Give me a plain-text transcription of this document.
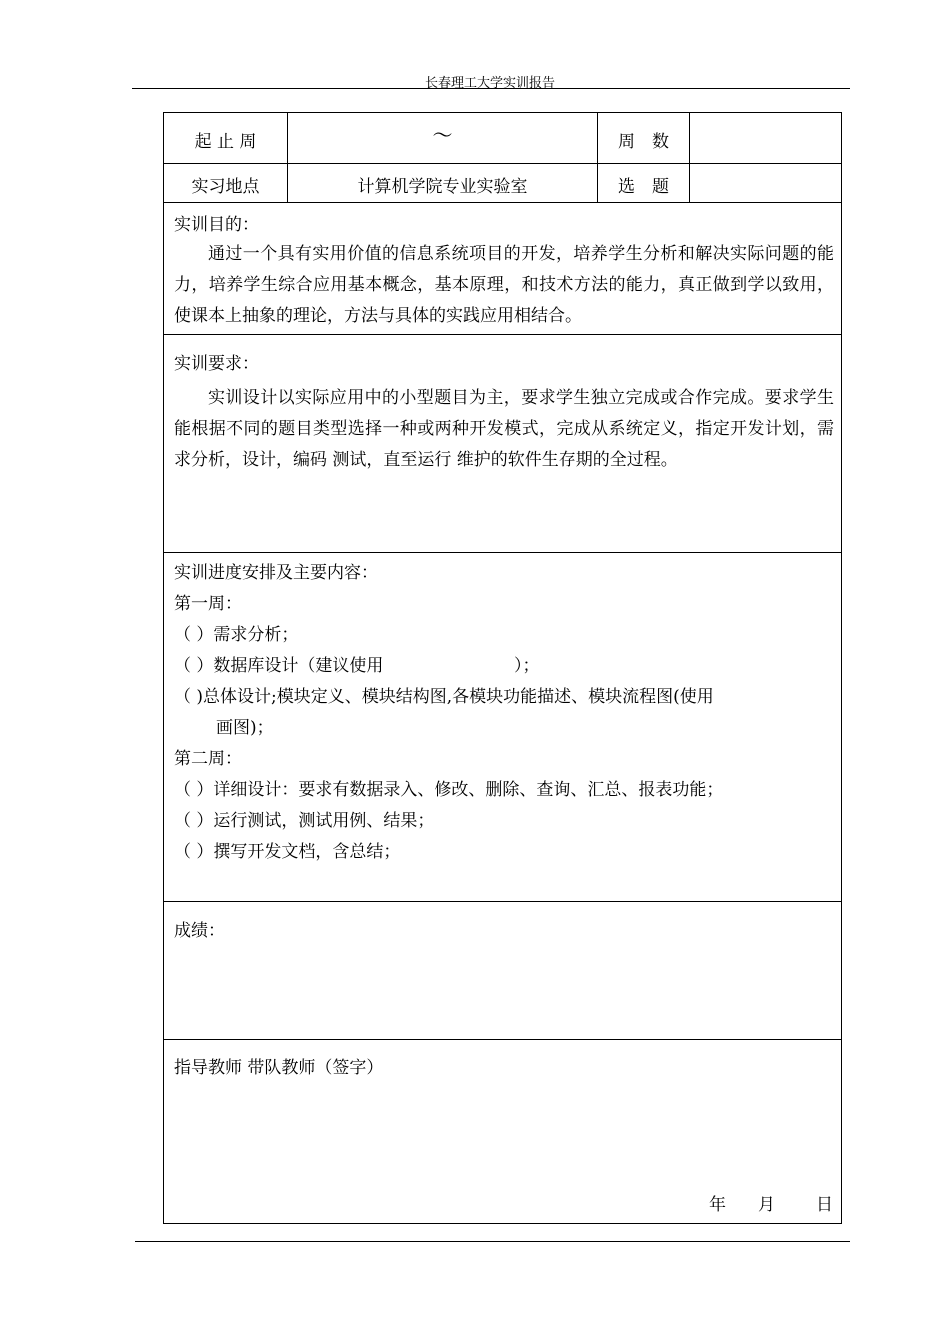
长春理工大学实训报告
起 止 周	～	周　数
实习地点	计算机学院专业实验室	选　题
实训目的：
通过一个具有实用价值的信息系统项目的开发，培养学生分析和解决实际问题的能力，培养学生综合应用基本概念，基本原理，和技术方法的能力，真正做到学以致用，使课本上抽象的理论，方法与具体的实践应用相结合。
实训要求：
实训设计以实际应用中的小型题目为主，要求学生独立完成或合作完成。要求学生能根据不同的题目类型选择一种或两种开发模式，完成从系统定义，指定开发计划，需求分析，设计，编码 测试，直至运行 维护的软件生存期的全过程。
实训进度安排及主要内容：
第一周：
（ ）需求分析；
（ ）数据库设计（建议使用	）；
（ )总体设计;模块定义、模块结构图,各模块功能描述、模块流程图(使用
画图)；
第二周：
（ ）详细设计：要求有数据录入、修改、删除、查询、汇总、报表功能；
（ ）运行测试，测试用例、结果；
（ ）撰写开发文档，含总结；
成绩：
指导教师 带队教师（签字）
年 月 日
